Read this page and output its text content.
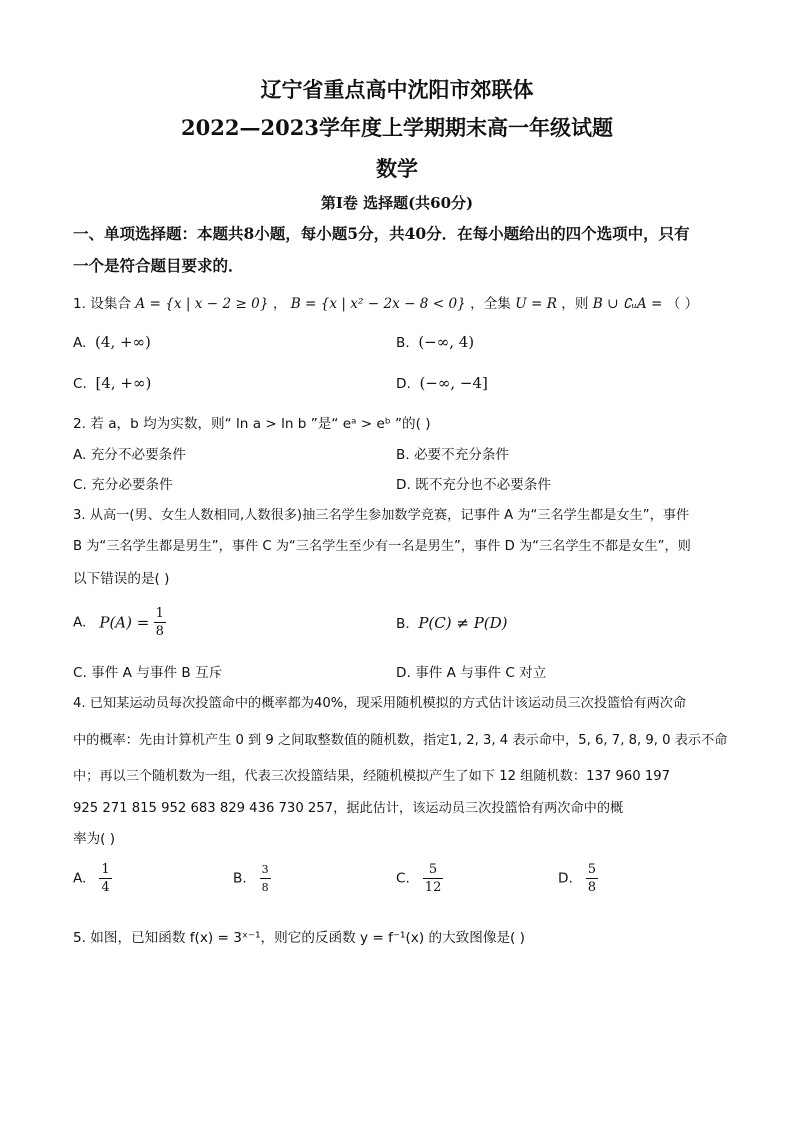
辽宁省重点高中沈阳市郊联体
2022—2023学年度上学期期末高一年级试题
数学
第Ⅰ卷 选择题(共60分)
一、单项选择题：本题共8小题，每小题5分，共40分．在每小题给出的四个选项中，只有
一个是符合题目要求的．
1. 设集合 A = {x | x − 2 ≥ 0} ， B = {x | x² − 2x − 8 < 0} ，全集 U = R ，则 B ∪ ∁ᵤA = （ ）
A. (4, +∞)	B. (−∞, 4)
C. [4, +∞)	D. (−∞, −4]
2. 若 a，b 均为实数，则“ ln a > ln b ”是“ eᵃ > eᵇ ”的( )
A. 充分不必要条件	B. 必要不充分条件
C. 充分必要条件	D. 既不充分也不必要条件
3. 从高一(男、女生人数相同,人数很多)抽三名学生参加数学竞赛，记事件 A 为“三名学生都是女生”，事件
B 为“三名学生都是男生”，事件 C 为“三名学生至少有一名是男生”，事件 D 为“三名学生不都是女生”，则
以下错误的是( )
A. $P(A) = \frac{1}{8}$	B. P(C) ≠ P(D)
C. 事件 A 与事件 B 互斥	D. 事件 A 与事件 C 对立
4. 已知某运动员每次投篮命中的概率都为40%，现采用随机模拟的方式估计该运动员三次投篮恰有两次命
中的概率：先由计算机产生 0 到 9 之间取整数值的随机数，指定1, 2, 3, 4 表示命中，5, 6, 7, 8, 9, 0 表示不命
中；再以三个随机数为一组，代表三次投篮结果，经随机模拟产生了如下 12 组随机数：137 960 197
925 271 815 952 683 829 436 730 257，据此估计，该运动员三次投篮恰有两次命中的概
率为( )
A. $\frac{1}{4}$	B. $\frac{3}{8}$	C. $\frac{5}{12}$	D. $\frac{5}{8}$
5. 如图，已知函数 f(x) = 3ˣ⁻¹，则它的反函数 y = f⁻¹(x) 的大致图像是( )
